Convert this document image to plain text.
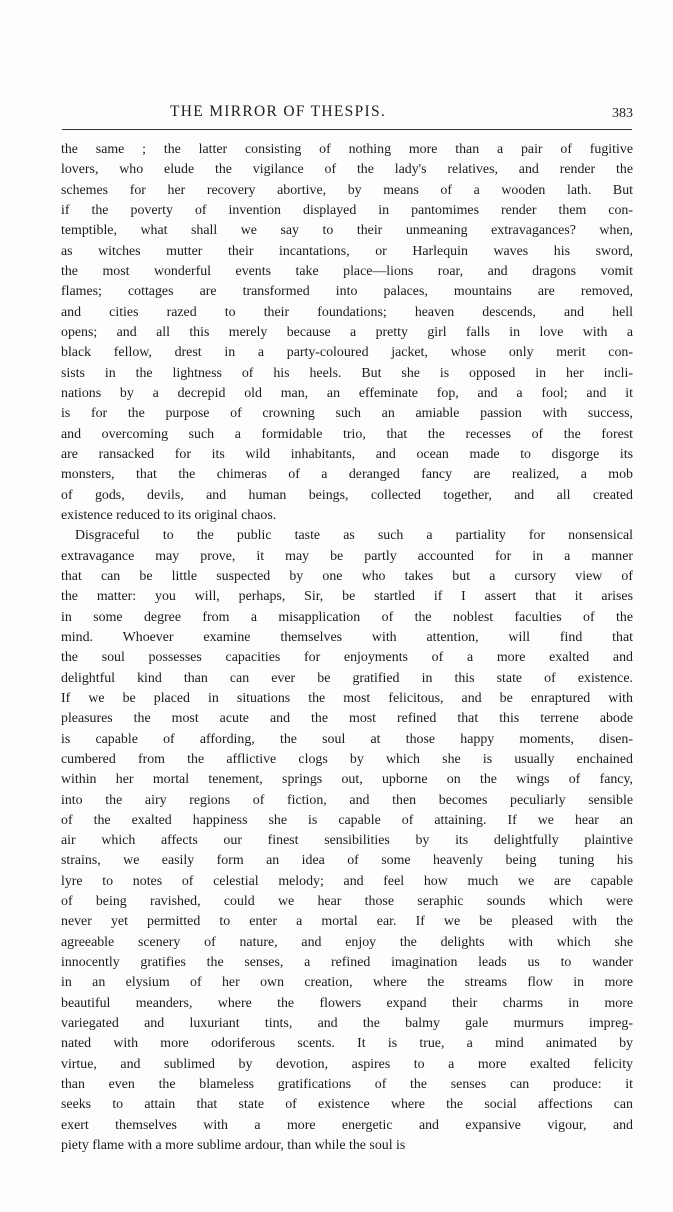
THE MIRROR OF THESPIS.	383
the same ; the latter consisting of nothing more than a pair of fugitive
lovers, who elude the vigilance of the lady's relatives, and render the
schemes for her recovery abortive, by means of a wooden lath. But
if the poverty of invention displayed in pantomimes render them con-
temptible, what shall we say to their unmeaning extravagances? when,
as witches mutter their incantations, or Harlequin waves his sword,
the most wonderful events take place—lions roar, and dragons vomit
flames; cottages are transformed into palaces, mountains are removed,
and cities razed to their foundations; heaven descends, and hell
opens; and all this merely because a pretty girl falls in love with a
black fellow, drest in a party-coloured jacket, whose only merit con-
sists in the lightness of his heels. But she is opposed in her incli-
nations by a decrepid old man, an effeminate fop, and a fool; and it
is for the purpose of crowning such an amiable passion with success,
and overcoming such a formidable trio, that the recesses of the forest
are ransacked for its wild inhabitants, and ocean made to disgorge its
monsters, that the chimeras of a deranged fancy are realized, a mob
of gods, devils, and human beings, collected together, and all created
existence reduced to its original chaos.
Disgraceful to the public taste as such a partiality for nonsensical
extravagance may prove, it may be partly accounted for in a manner
that can be little suspected by one who takes but a cursory view of
the matter: you will, perhaps, Sir, be startled if I assert that it arises
in some degree from a misapplication of the noblest faculties of the
mind. Whoever examine themselves with attention, will find that
the soul possesses capacities for enjoyments of a more exalted and
delightful kind than can ever be gratified in this state of existence.
If we be placed in situations the most felicitous, and be enraptured with
pleasures the most acute and the most refined that this terrene abode
is capable of affording, the soul at those happy moments, disen-
cumbered from the afflictive clogs by which she is usually enchained
within her mortal tenement, springs out, upborne on the wings of fancy,
into the airy regions of fiction, and then becomes peculiarly sensible
of the exalted happiness she is capable of attaining. If we hear an
air which affects our finest sensibilities by its delightfully plaintive
strains, we easily form an idea of some heavenly being tuning his
lyre to notes of celestial melody; and feel how much we are capable
of being ravished, could we hear those seraphic sounds which were
never yet permitted to enter a mortal ear. If we be pleased with the
agreeable scenery of nature, and enjoy the delights with which she
innocently gratifies the senses, a refined imagination leads us to wander
in an elysium of her own creation, where the streams flow in more
beautiful meanders, where the flowers expand their charms in more
variegated and luxuriant tints, and the balmy gale murmurs impreg-
nated with more odoriferous scents. It is true, a mind animated by
virtue, and sublimed by devotion, aspires to a more exalted felicity
than even the blameless gratifications of the senses can produce: it
seeks to attain that state of existence where the social affections can
exert themselves with a more energetic and expansive vigour, and
piety flame with a more sublime ardour, than while the soul is
